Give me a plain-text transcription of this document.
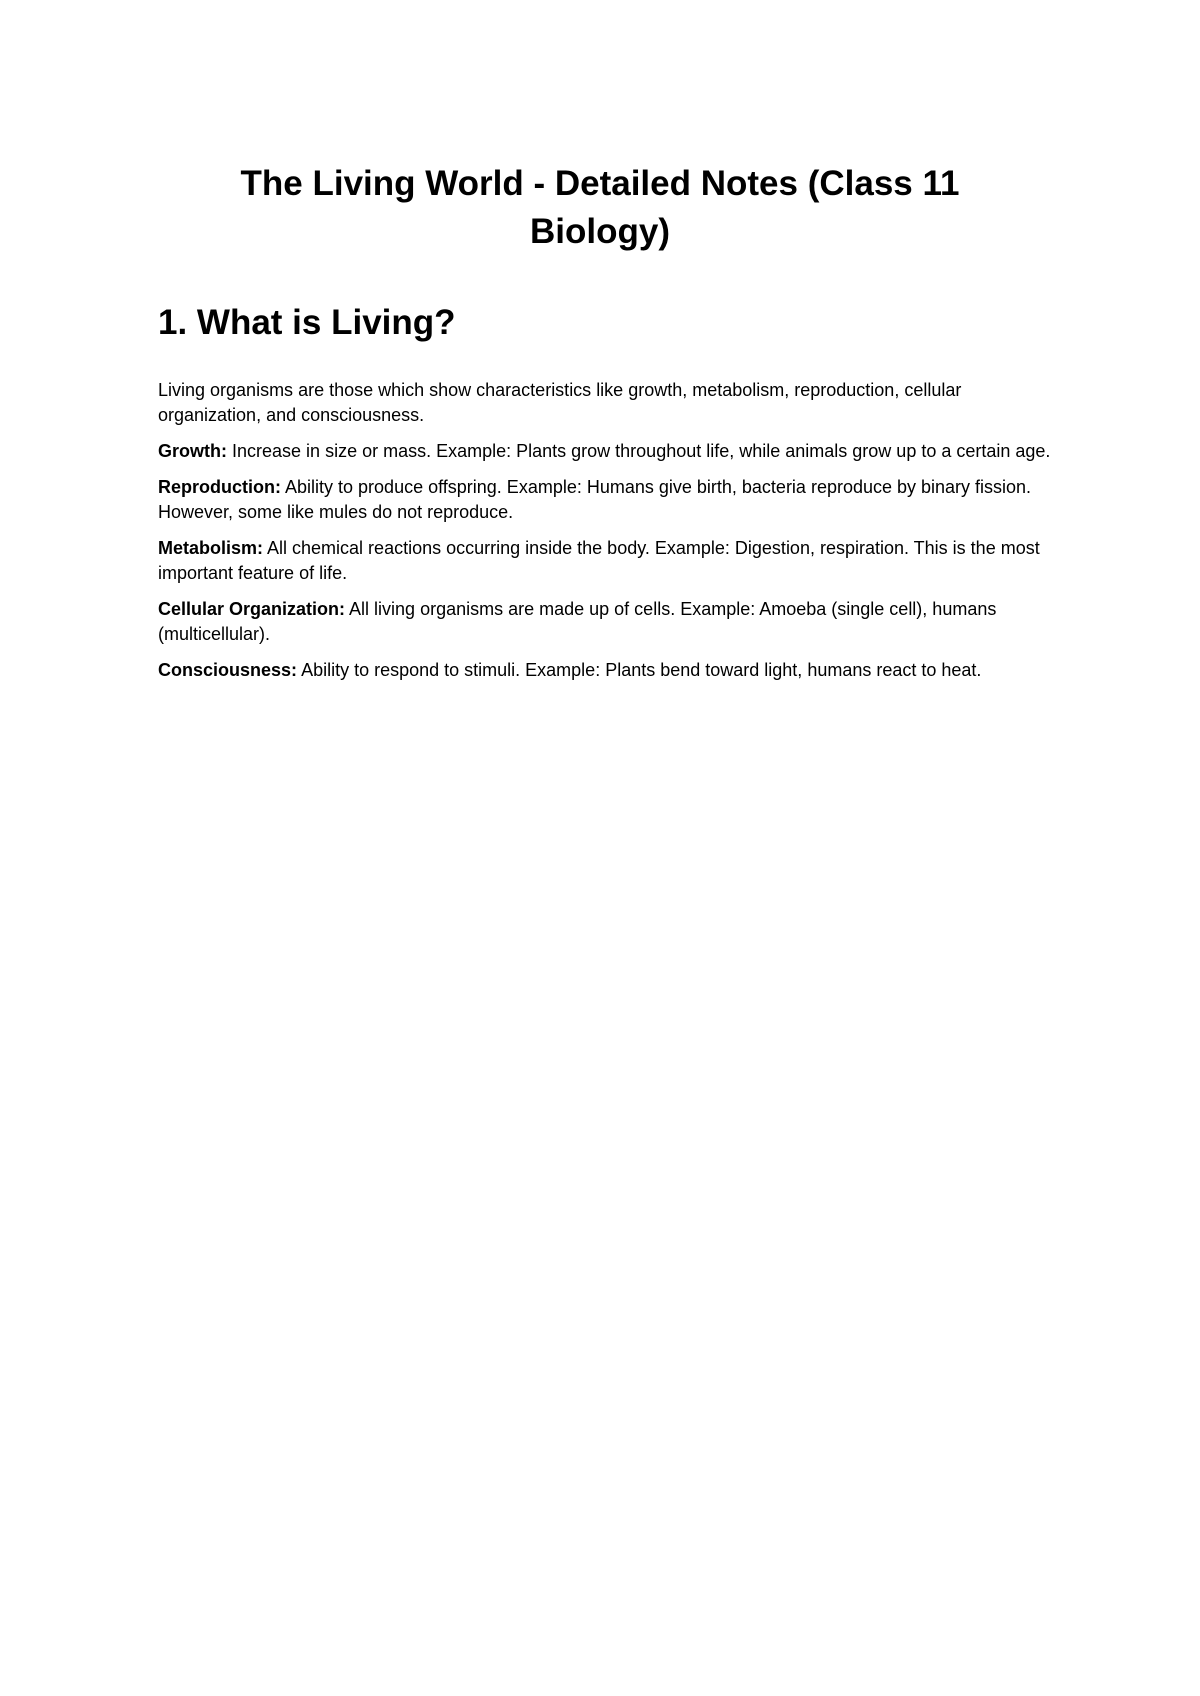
The Living World - Detailed Notes (Class 11 Biology)
1. What is Living?

Living organisms are those which show characteristics like growth, metabolism, reproduction, cellular organization, and consciousness.

Growth: Increase in size or mass. Example: Plants grow throughout life, while animals grow up to a certain age.

Reproduction: Ability to produce offspring. Example: Humans give birth, bacteria reproduce by binary fission. However, some like mules do not reproduce.

Metabolism: All chemical reactions occurring inside the body. Example: Digestion, respiration. This is the most important feature of life.

Cellular Organization: All living organisms are made up of cells. Example: Amoeba (single cell), humans (multicellular).

Consciousness: Ability to respond to stimuli. Example: Plants bend toward light, humans react to heat.
